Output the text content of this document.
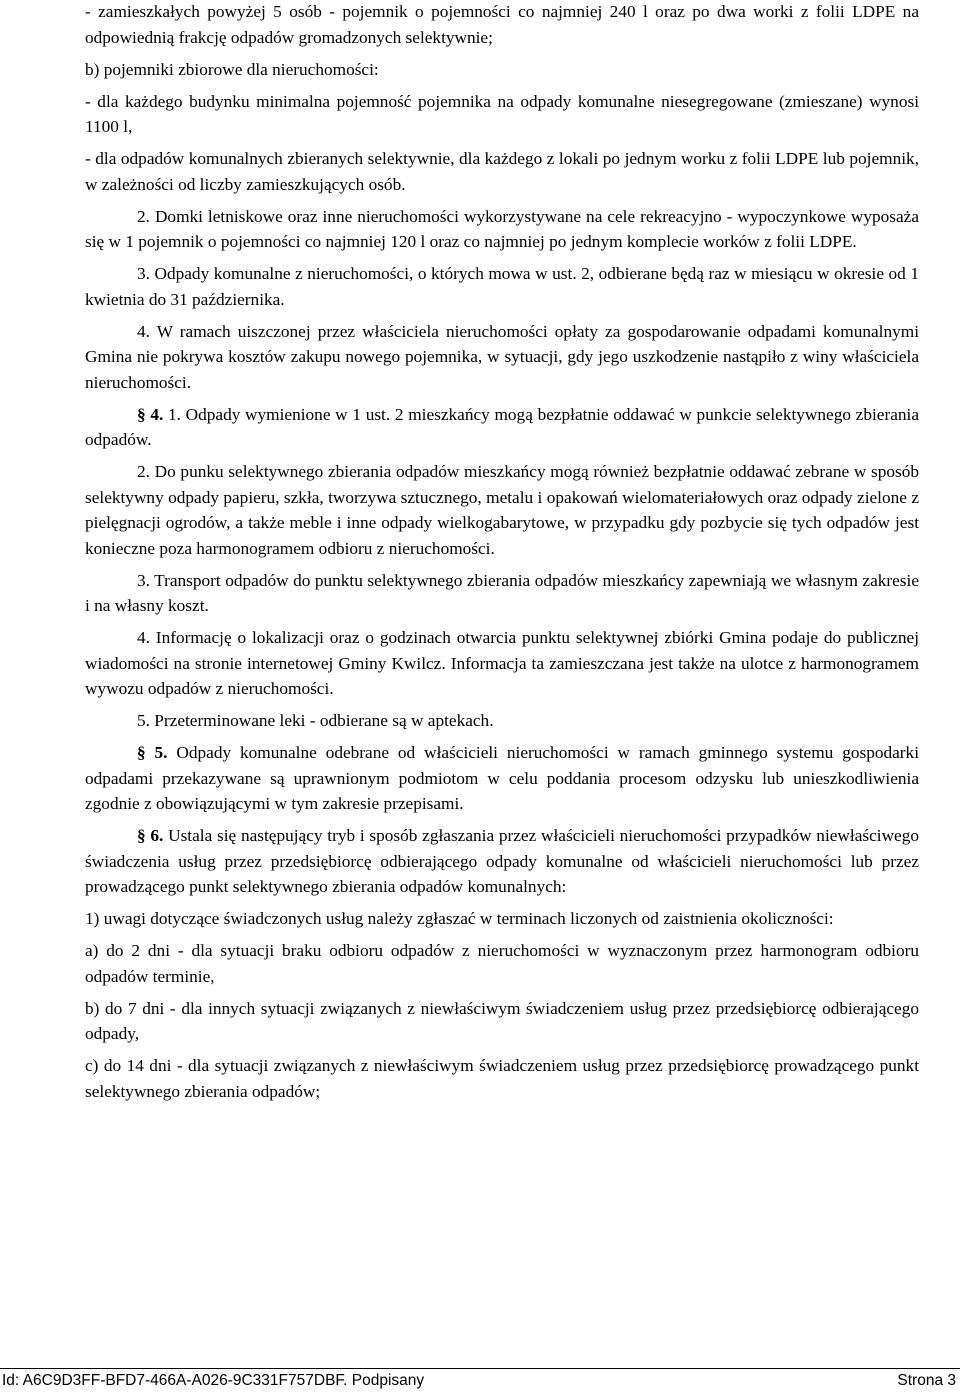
- zamieszkałych powyżej 5 osób - pojemnik o pojemności co najmniej 240 l oraz po dwa worki z folii LDPE na odpowiednią frakcję odpadów gromadzonych selektywnie;

b) pojemniki zbiorowe dla nieruchomości:

- dla każdego budynku minimalna pojemność pojemnika na odpady komunalne niesegregowane (zmieszane) wynosi 1100 l,

- dla odpadów komunalnych zbieranych selektywnie, dla każdego z lokali po jednym worku z folii LDPE lub pojemnik, w zależności od liczby zamieszkujących osób.

2. Domki letniskowe oraz inne nieruchomości wykorzystywane na cele rekreacyjno - wypoczynkowe wyposaża się w 1 pojemnik o pojemności co najmniej 120 l oraz co najmniej po jednym komplecie worków z folii LDPE.

3. Odpady komunalne z nieruchomości, o których mowa w ust. 2, odbierane będą raz w miesiącu w okresie od 1 kwietnia do 31 października.

4. W ramach uiszczonej przez właściciela nieruchomości opłaty za gospodarowanie odpadami komunalnymi Gmina nie pokrywa kosztów zakupu nowego pojemnika, w sytuacji, gdy jego uszkodzenie nastąpiło z winy właściciela nieruchomości.

§ 4. 1. Odpady wymienione w 1 ust. 2 mieszkańcy mogą bezpłatnie oddawać w punkcie selektywnego zbierania odpadów.

2. Do punku selektywnego zbierania odpadów mieszkańcy mogą również bezpłatnie oddawać zebrane w sposób selektywny odpady papieru, szkła, tworzywa sztucznego, metalu i opakowań wielomateriałowych oraz odpady zielone z pielęgnacji ogrodów, a także meble i inne odpady wielkogabarytowe, w przypadku gdy pozbycie się tych odpadów jest konieczne poza harmonogramem odbioru z nieruchomości.

3. Transport odpadów do punktu selektywnego zbierania odpadów mieszkańcy zapewniają we własnym zakresie i na własny koszt.

4. Informację o lokalizacji oraz o godzinach otwarcia punktu selektywnej zbiórki Gmina podaje do publicznej wiadomości na stronie internetowej Gminy Kwilcz. Informacja ta zamieszczana jest także na ulotce z harmonogramem wywozu odpadów z nieruchomości.

5. Przeterminowane leki - odbierane są w aptekach.

§ 5. Odpady komunalne odebrane od właścicieli nieruchomości w ramach gminnego systemu gospodarki odpadami przekazywane są uprawnionym podmiotom w celu poddania procesom odzysku lub unieszkodliwienia zgodnie z obowiązującymi w tym zakresie przepisami.

§ 6. Ustala się następujący tryb i sposób zgłaszania przez właścicieli nieruchomości przypadków niewłaściwego świadczenia usług przez przedsiębiorcę odbierającego odpady komunalne od właścicieli nieruchomości lub przez prowadzącego punkt selektywnego zbierania odpadów komunalnych:

1) uwagi dotyczące świadczonych usług należy zgłaszać w terminach liczonych od zaistnienia okoliczności:

a) do 2 dni - dla sytuacji braku odbioru odpadów z nieruchomości w wyznaczonym przez harmonogram odbioru odpadów terminie,

b) do 7 dni - dla innych sytuacji związanych z niewłaściwym świadczeniem usług przez przedsiębiorcę odbierającego odpady,

c) do 14 dni - dla sytuacji związanych z niewłaściwym świadczeniem usług przez przedsiębiorcę prowadzącego punkt selektywnego zbierania odpadów;

Id: A6C9D3FF-BFD7-466A-A026-9C331F757DBF. Podpisany	Strona 3
